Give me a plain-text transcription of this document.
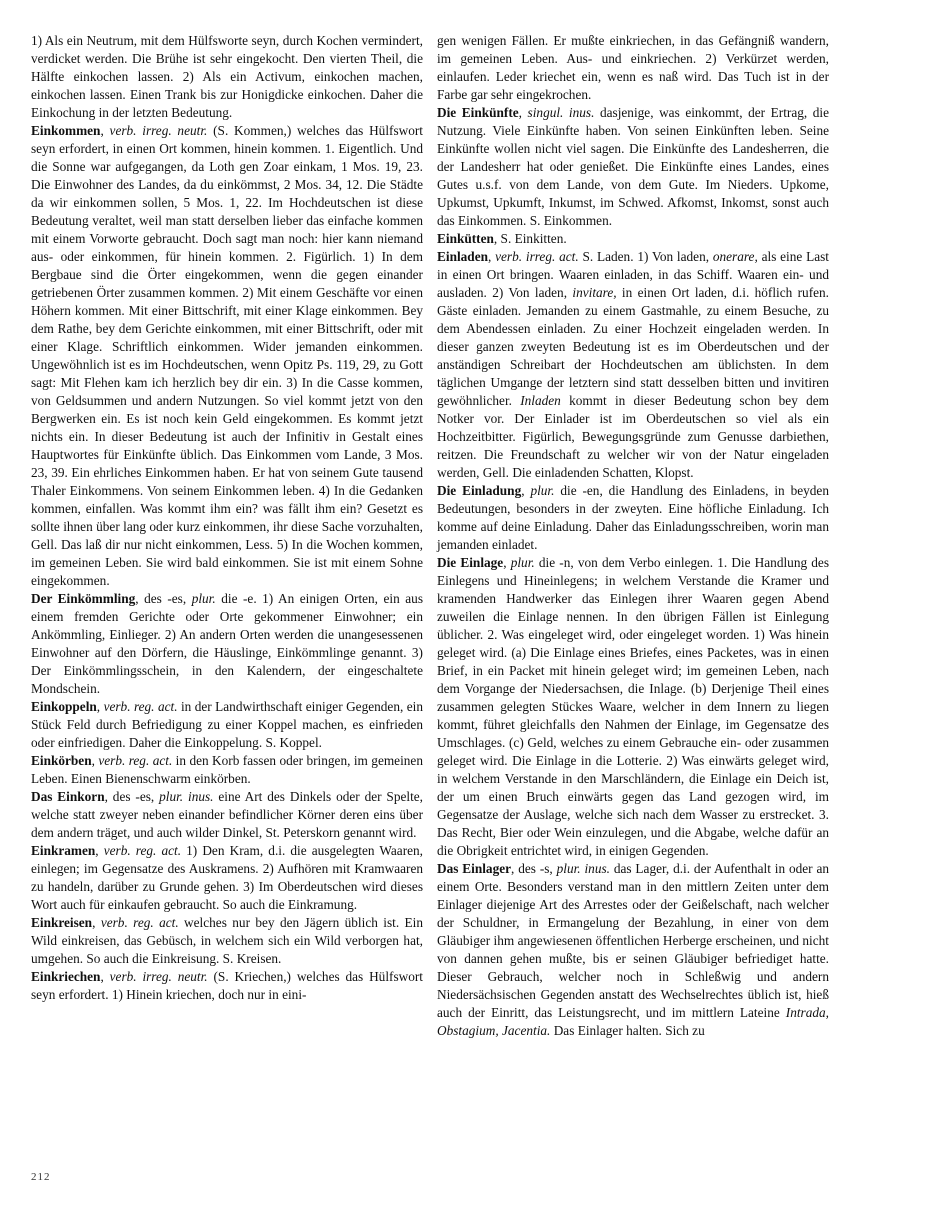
1) Als ein Neutrum, mit dem Hülfsworte seyn, durch Kochen vermindert, verdicket werden. Die Brühe ist sehr eingekocht. Den vierten Theil, die Hälfte einkochen lassen. 2) Als ein Activum, einkochen machen, einkochen lassen. Einen Trank bis zur Honigdicke einkochen. Daher die Einkochung in der letzten Bedeutung.

Einkommen, verb. irreg. neutr. (S. Kommen,) welches das Hülfswort seyn erfordert, in einen Ort kommen, hinein kommen. 1. Eigentlich. Und die Sonne war aufgegangen, da Loth gen Zoar einkam, 1 Mos. 19, 23. Die Einwohner des Landes, da du einkömmst, 2 Mos. 34, 12. Die Städte da wir einkommen sollen, 5 Mos. 1, 22. Im Hochdeutschen ist diese Bedeutung veraltet, weil man statt derselben lieber das einfache kommen mit einem Vorworte gebraucht. Doch sagt man noch: hier kann niemand aus- oder einkommen, für hinein kommen. 2. Figürlich. 1) In dem Bergbaue sind die Örter eingekommen, wenn die gegen einander getriebenen Örter zusammen kommen. 2) Mit einem Geschäfte vor einen Höhern kommen. Mit einer Bittschrift, mit einer Klage einkommen. Bey dem Rathe, bey dem Gerichte einkommen, mit einer Bittschrift, oder mit einer Klage. Schriftlich einkommen. Wider jemanden einkommen. Ungewöhnlich ist es im Hochdeutschen, wenn Opitz Ps. 119, 29, zu Gott sagt: Mit Flehen kam ich herzlich bey dir ein. 3) In die Casse kommen, von Geldsummen und andern Nutzungen. So viel kommt jetzt von den Bergwerken ein. Es ist noch kein Geld eingekommen. Es kommt jetzt nichts ein. In dieser Bedeutung ist auch der Infinitiv in Gestalt eines Hauptwortes für Einkünfte üblich. Das Einkommen vom Lande, 3 Mos. 23, 39. Ein ehrliches Einkommen haben. Er hat von seinem Gute tausend Thaler Einkommens. Von seinem Einkommen leben. 4) In die Gedanken kommen, einfallen. Was kommt ihm ein? was fällt ihm ein? Gesetzt es sollte ihnen über lang oder kurz einkommen, ihr diese Sache vorzuhalten, Gell. Das laß dir nur nicht einkommen, Less. 5) In die Wochen kommen, im gemeinen Leben. Sie wird bald einkommen. Sie ist mit einem Sohne eingekommen.

Der Einkömmling, des -es, plur. die -e. 1) An einigen Orten, ein aus einem fremden Gerichte oder Orte gekommener Einwohner; ein Ankömmling, Einlieger. 2) An andern Orten werden die unangesessenen Einwohner auf den Dörfern, die Häuslinge, Einkömmlinge genannt. 3) Der Einkömmlingsschein, in den Kalendern, der eingeschaltete Mondschein.

Einkoppeln, verb. reg. act. in der Landwirthschaft einiger Gegenden, ein Stück Feld durch Befriedigung zu einer Koppel machen, es einfrieden oder einfriedigen. Daher die Einkoppelung. S. Koppel.

Einkörben, verb. reg. act. in den Korb fassen oder bringen, im gemeinen Leben. Einen Bienenschwarm einkörben.

Das Einkorn, des -es, plur. inus. eine Art des Dinkels oder der Spelte, welche statt zweyer neben einander befindlicher Körner deren eins über dem andern träget, und auch wilder Dinkel, St. Peterskorn genannt wird.

Einkramen, verb. reg. act. 1) Den Kram, d.i. die ausgelegten Waaren, einlegen; im Gegensatze des Auskramens. 2) Aufhören mit Kramwaaren zu handeln, darüber zu Grunde gehen. 3) Im Oberdeutschen wird dieses Wort auch für einkaufen gebraucht. So auch die Einkramung.

Einkreisen, verb. reg. act. welches nur bey den Jägern üblich ist. Ein Wild einkreisen, das Gebüsch, in welchem sich ein Wild verborgen hat, umgehen. So auch die Einkreisung. S. Kreisen.

Einkriechen, verb. irreg. neutr. (S. Kriechen,) welches das Hülfswort seyn erfordert. 1) Hinein kriechen, doch nur in eini-

gen wenigen Fällen. Er mußte einkriechen, in das Gefängniß wandern, im gemeinen Leben. Aus- und einkriechen. 2) Verkürzet werden, einlaufen. Leder kriechet ein, wenn es naß wird. Das Tuch ist in der Farbe gar sehr eingekrochen.

Die Einkünfte, singul. inus. dasjenige, was einkommt, der Ertrag, die Nutzung. Viele Einkünfte haben. Von seinen Einkünften leben. Seine Einkünfte wollen nicht viel sagen. Die Einkünfte des Landesherren, die der Landesherr hat oder genießet. Die Einkünfte eines Landes, eines Gutes u.s.f. von dem Lande, von dem Gute. Im Nieders. Upkome, Upkumst, Upkumft, Inkumst, im Schwed. Afkomst, Inkomst, sonst auch das Einkommen. S. Einkommen.

Einkütten, S. Einkitten.

Einladen, verb. irreg. act. S. Laden. 1) Von laden, onerare, als eine Last in einen Ort bringen. Waaren einladen, in das Schiff. Waaren ein- und ausladen. 2) Von laden, invitare, in einen Ort laden, d.i. höflich rufen. Gäste einladen. Jemanden zu einem Gastmahle, zu einem Besuche, zu dem Abendessen einladen. Zu einer Hochzeit eingeladen werden. In dieser ganzen zweyten Bedeutung ist es im Oberdeutschen und der anständigen Schreibart der Hochdeutschen am üblichsten. In dem täglichen Umgange der letztern sind statt desselben bitten und invitiren gewöhnlicher. Inladen kommt in dieser Bedeutung schon bey dem Notker vor. Der Einlader ist im Oberdeutschen so viel als ein Hochzeitbitter. Figürlich, Bewegungsgründe zum Genusse darbiethen, reitzen. Die Freundschaft zu welcher wir von der Natur eingeladen werden, Gell. Die einladenden Schatten, Klopst.

Die Einladung, plur. die -en, die Handlung des Einladens, in beyden Bedeutungen, besonders in der zweyten. Eine höfliche Einladung. Ich komme auf deine Einladung. Daher das Einladungsschreiben, worin man jemanden einladet.

Die Einlage, plur. die -n, von dem Verbo einlegen. 1. Die Handlung des Einlegens und Hineinlegens; in welchem Verstande die Kramer und kramenden Handwerker das Einlegen ihrer Waaren gegen Abend zuweilen die Einlage nennen. In den übrigen Fällen ist Einlegung üblicher. 2. Was eingeleget wird, oder eingeleget worden. 1) Was hinein geleget wird. (a) Die Einlage eines Briefes, eines Packetes, was in einen Brief, in ein Packet mit hinein geleget wird; im gemeinen Leben, nach dem Vorgange der Niedersachsen, die Inlage. (b) Derjenige Theil eines zusammen gelegten Stückes Waare, welcher in dem Innern zu liegen kommt, führet gleichfalls den Nahmen der Einlage, im Gegensatze des Umschlages. (c) Geld, welches zu einem Gebrauche ein- oder zusammen geleget wird. Die Einlage in die Lotterie. 2) Was einwärts geleget wird, in welchem Verstande in den Marschländern, die Einlage ein Deich ist, der um einen Bruch einwärts gegen das Land gezogen wird, im Gegensatze der Auslage, welche sich nach dem Wasser zu erstrecket. 3. Das Recht, Bier oder Wein einzulegen, und die Abgabe, welche dafür an die Obrigkeit entrichtet wird, in einigen Gegenden.

Das Einlager, des -s, plur. inus. das Lager, d.i. der Aufenthalt in oder an einem Orte. Besonders verstand man in den mittlern Zeiten unter dem Einlager diejenige Art des Arrestes oder der Geißelschaft, nach welcher der Schuldner, in Ermangelung der Bezahlung, in einer von dem Gläubiger ihm angewiesenen öffentlichen Herberge erscheinen, und nicht von dannen gehen mußte, bis er seinen Gläubiger befriediget hatte. Dieser Gebrauch, welcher noch in Schleßwig und andern Niedersächsischen Gegenden anstatt des Wechselrechtes üblich ist, hieß auch der Einritt, das Leistungsrecht, und im mittlern Lateine Intrada, Obstagium, Jacentia. Das Einlager halten. Sich zu

212
